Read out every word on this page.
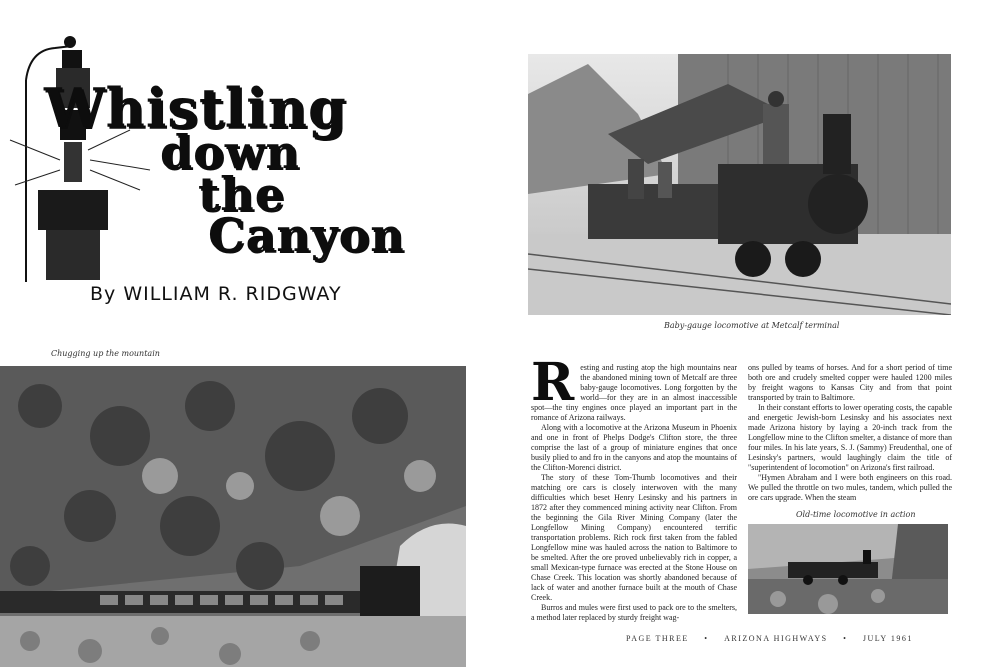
Whistling
down
the
Canyon
By WILLIAM R. RIDGWAY
Baby-gauge locomotive at Metcalf terminal
Chugging up the mountain	R esting and rusting atop the high mountains near the abandoned mining town of Metcalf are three baby-gauge locomotives. Long forgotten by the world—for they are in an almost inaccessible spot—the tiny engines once played an important part in the romance of Arizona railways.

Along with a locomotive at the Arizona Museum in Phoenix and one in front of Phelps Dodge's Clifton store, the three comprise the last of a group of miniature engines that once busily plied to and fro in the canyons and atop the mountains of the Clifton-Morenci district.

The story of these Tom-Thumb locomotives and their matching ore cars is closely interwoven with the many difficulties which beset Henry Lesinsky and his partners in 1872 after they commenced mining activity near Clifton. From the beginning the Gila River Mining Company (later the Longfellow Mining Company) encountered terrific transportation problems. Rich rock first taken from the fabled Longfellow mine was hauled across the nation to Baltimore to be smelted. After the ore proved unbelievably rich in copper, a small Mexican-type furnace was erected at the Stone House on Chase Creek. This location was shortly abandoned because of lack of water and another furnace built at the mouth of Chase Creek.

Burros and mules were first used to pack ore to the smelters, a method later replaced by sturdy freight wag-

ons pulled by teams of horses. And for a short period of time both ore and crudely smelted copper were hauled 1200 miles by freight wagons to Kansas City and from that point transported by train to Baltimore.

In their constant efforts to lower operating costs, the capable and energetic Jewish-born Lesinsky and his associates next made Arizona history by laying a 20-inch track from the Longfellow mine to the Clifton smelter, a distance of more than four miles. In his late years, S. J. (Sammy) Freudenthal, one of Lesinsky's partners, would laughingly claim the title of "superintendent of locomotion" on Arizona's first railroad.

"Hymen Abraham and I were both engineers on this road. We pulled the throttle on two mules, tandem, which pulled the ore cars upgrade. When the steam

Old-time locomotive in action
PAGE THREE • ARIZONA HIGHWAYS • JULY 1961
